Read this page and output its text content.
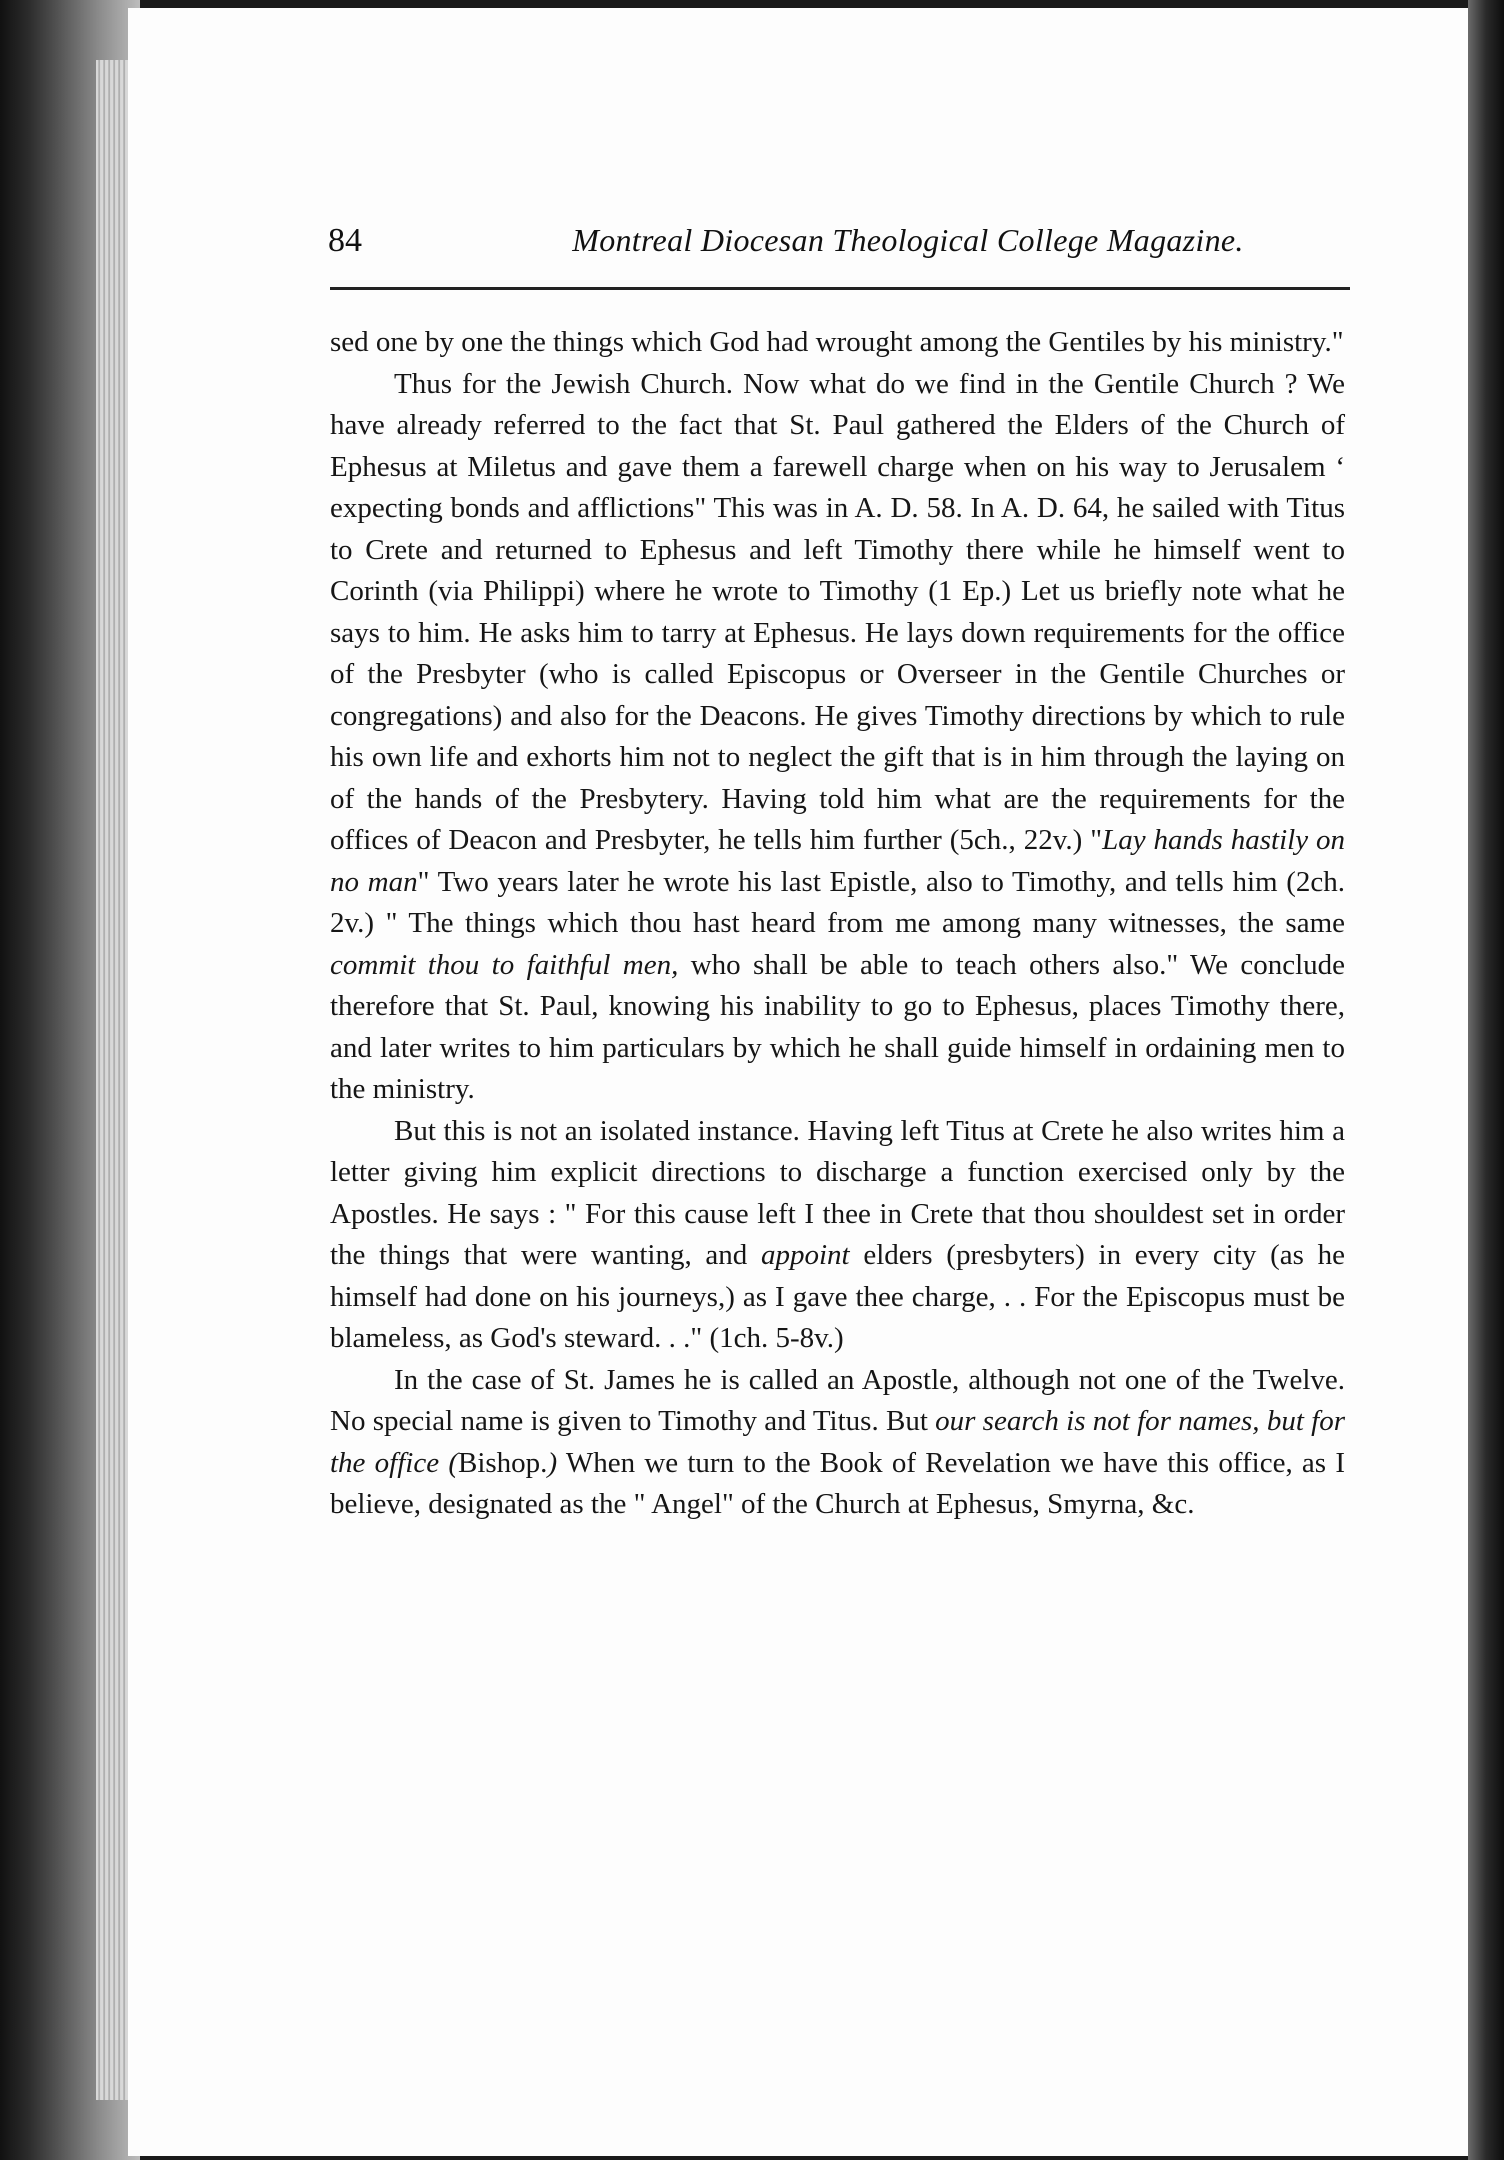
84	Montreal Diocesan Theological College Magazine.

sed one by one the things which God had wrought among the Gentiles by his ministry."

Thus for the Jewish Church. Now what do we find in the Gentile Church ? We have already referred to the fact that St. Paul gathered the Elders of the Church of Ephesus at Miletus and gave them a farewell charge when on his way to Jerusalem ‘ expecting bonds and afflictions" This was in A. D. 58. In A. D. 64, he sailed with Titus to Crete and returned to Ephesus and left Timothy there while he himself went to Corinth (via Philippi) where he wrote to Timothy (1 Ep.) Let us briefly note what he says to him. He asks him to tarry at Ephesus. He lays down requirements for the office of the Presbyter (who is called Episcopus or Overseer in the Gentile Churches or congregations) and also for the Deacons. He gives Timothy directions by which to rule his own life and exhorts him not to neglect the gift that is in him through the laying on of the hands of the Presbytery. Having told him what are the requirements for the offices of Deacon and Presbyter, he tells him further (5ch., 22v.) "Lay hands hastily on no man" Two years later he wrote his last Epistle, also to Timothy, and tells him (2ch. 2v.) " The things which thou hast heard from me among many witnesses, the same commit thou to faithful men, who shall be able to teach others also." We conclude therefore that St. Paul, knowing his inability to go to Ephesus, places Timothy there, and later writes to him particulars by which he shall guide himself in ordaining men to the ministry.

But this is not an isolated instance. Having left Titus at Crete he also writes him a letter giving him explicit directions to discharge a function exercised only by the Apostles. He says : " For this cause left I thee in Crete that thou shouldest set in order the things that were wanting, and appoint elders (presbyters) in every city (as he himself had done on his journeys,) as I gave thee charge, . . For the Episcopus must be blameless, as God's steward. . ." (1ch. 5-8v.)

In the case of St. James he is called an Apostle, although not one of the Twelve. No special name is given to Timothy and Titus. But our search is not for names, but for the office (Bishop.) When we turn to the Book of Revelation we have this office, as I believe, designated as the " Angel" of the Church at Ephesus, Smyrna, &c.
